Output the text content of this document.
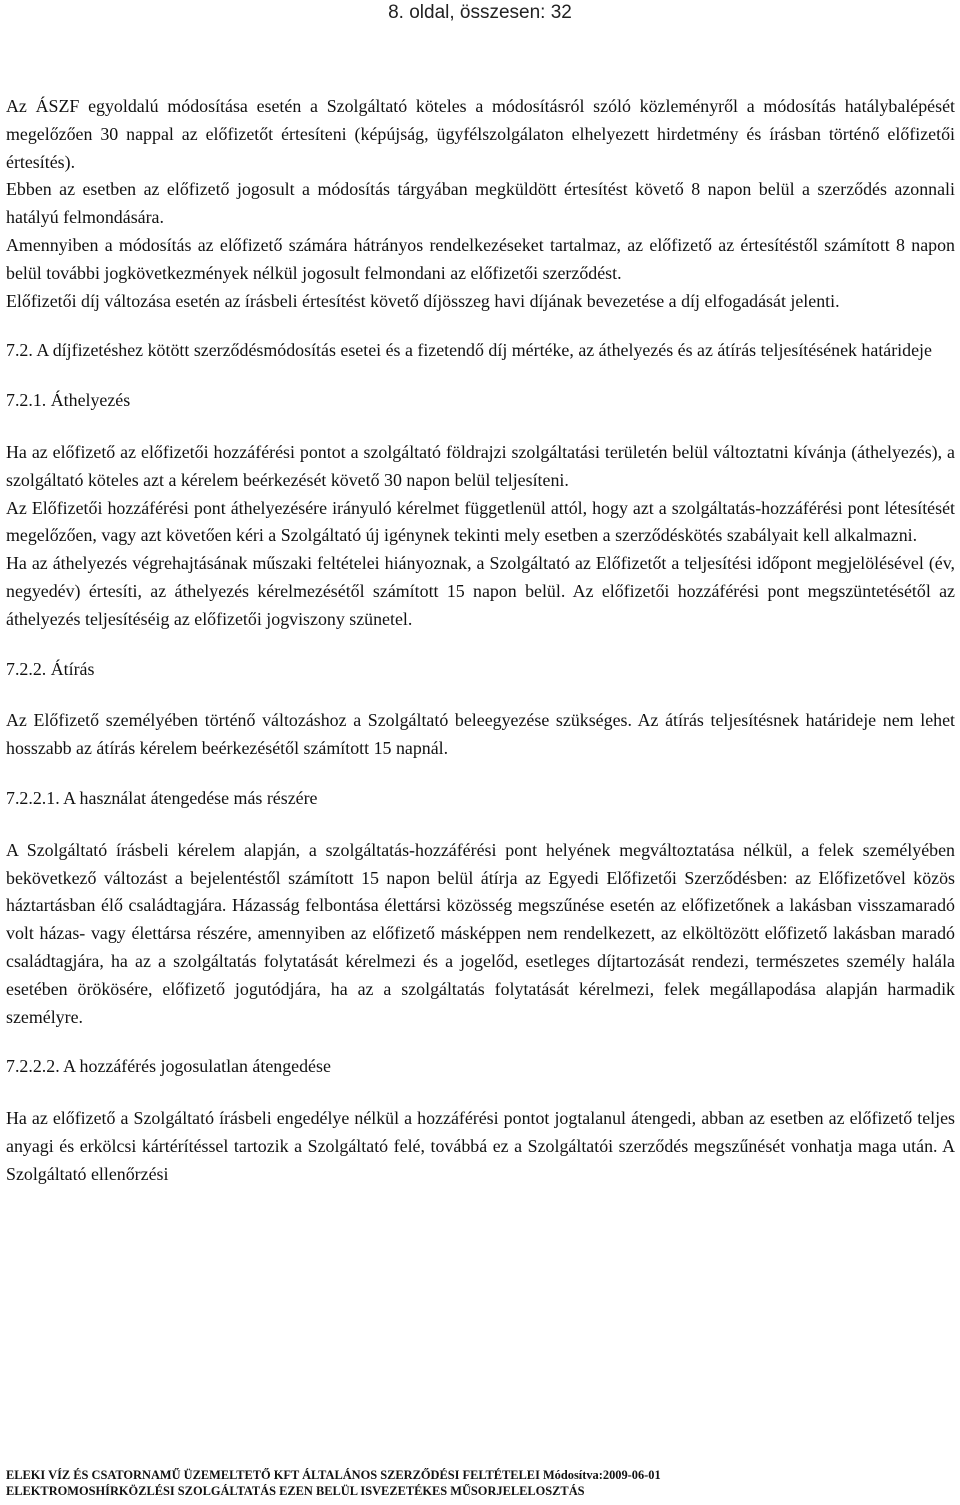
8. oldal, összesen: 32

Az ÁSZF egyoldalú módosítása esetén a Szolgáltató köteles a módosításról szóló közleményről a módosítás hatálybalépését megelőzően 30 nappal az előfizetőt értesíteni (képújság, ügyfélszolgálaton elhelyezett hirdetmény és írásban történő előfizetői értesítés).

Ebben az esetben az előfizető jogosult a módosítás tárgyában megküldött értesítést követő 8 napon belül a szerződés azonnali hatályú felmondására.

Amennyiben a módosítás az előfizető számára hátrányos rendelkezéseket tartalmaz, az előfizető az értesítéstől számított 8 napon belül további jogkövetkezmények nélkül jogosult felmondani az előfizetői szerződést.

Előfizetői díj változása esetén az írásbeli értesítést követő díjösszeg havi díjának bevezetése a díj elfogadását jelenti.

7.2. A díjfizetéshez kötött szerződésmódosítás esetei és a fizetendő díj mértéke, az áthelyezés és az átírás teljesítésének határideje
7.2.1. Áthelyezés

Ha az előfizető az előfizetői hozzáférési pontot a szolgáltató földrajzi szolgáltatási területén belül változtatni kívánja (áthelyezés), a szolgáltató köteles azt a kérelem beérkezését követő 30 napon belül teljesíteni.

Az Előfizetői hozzáférési pont áthelyezésére irányuló kérelmet függetlenül attól, hogy azt a szolgáltatás-hozzáférési pont létesítését megelőzően, vagy azt követően kéri a Szolgáltató új igénynek tekinti mely esetben a szerződéskötés szabályait kell alkalmazni.

Ha az áthelyezés végrehajtásának műszaki feltételei hiányoznak, a Szolgáltató az Előfizetőt a teljesítési időpont megjelölésével (év, negyedév) értesíti, az áthelyezés kérelmezésétől számított 15 napon belül. Az előfizetői hozzáférési pont megszüntetésétől az áthelyezés teljesítéséig az előfizetői jogviszony szünetel.

7.2.2. Átírás

Az Előfizető személyében történő változáshoz a Szolgáltató beleegyezése szükséges. Az átírás teljesítésnek határideje nem lehet hosszabb az átírás kérelem beérkezésétől számított 15 napnál.

7.2.2.1. A használat átengedése más részére

A Szolgáltató írásbeli kérelem alapján, a szolgáltatás-hozzáférési pont helyének megváltoztatása nélkül, a felek személyében bekövetkező változást a bejelentéstől számított 15 napon belül átírja az Egyedi Előfizetői Szerződésben: az Előfizetővel közös háztartásban élő családtagjára. Házasság felbontása élettársi közösség megszűnése esetén az előfizetőnek a lakásban visszamaradó volt házas- vagy élettársa részére, amennyiben az előfizető másképpen nem rendelkezett, az elköltözött előfizető lakásban maradó családtagjára, ha az a szolgáltatás folytatását kérelmezi és a jogelőd, esetleges díjtartozását rendezi, természetes személy halála esetében örökösére, előfizető jogutódjára, ha az a szolgáltatás folytatását kérelmezi, felek megállapodása alapján harmadik személyre.

7.2.2.2. A hozzáférés jogosulatlan átengedése

Ha az előfizető a Szolgáltató írásbeli engedélye nélkül a hozzáférési pontot jogtalanul átengedi, abban az esetben az előfizető teljes anyagi és erkölcsi kártérítéssel tartozik a Szolgáltató felé, továbbá ez a Szolgáltatói szerződés megszűnését vonhatja maga után. A Szolgáltató ellenőrzési

ELEKI VÍZ ÉS CSATORNAMŰ ÜZEMELTETŐ KFT ÁLTALÁNOS SZERZŐDÉSI FELTÉTELEI Módosítva:2009-06-01
ELEKTROMOSHÍRKÖZLÉSI SZOLGÁLTATÁS EZEN BELÜL ISVEZETÉKES MŰSORJELELOSZTÁS
